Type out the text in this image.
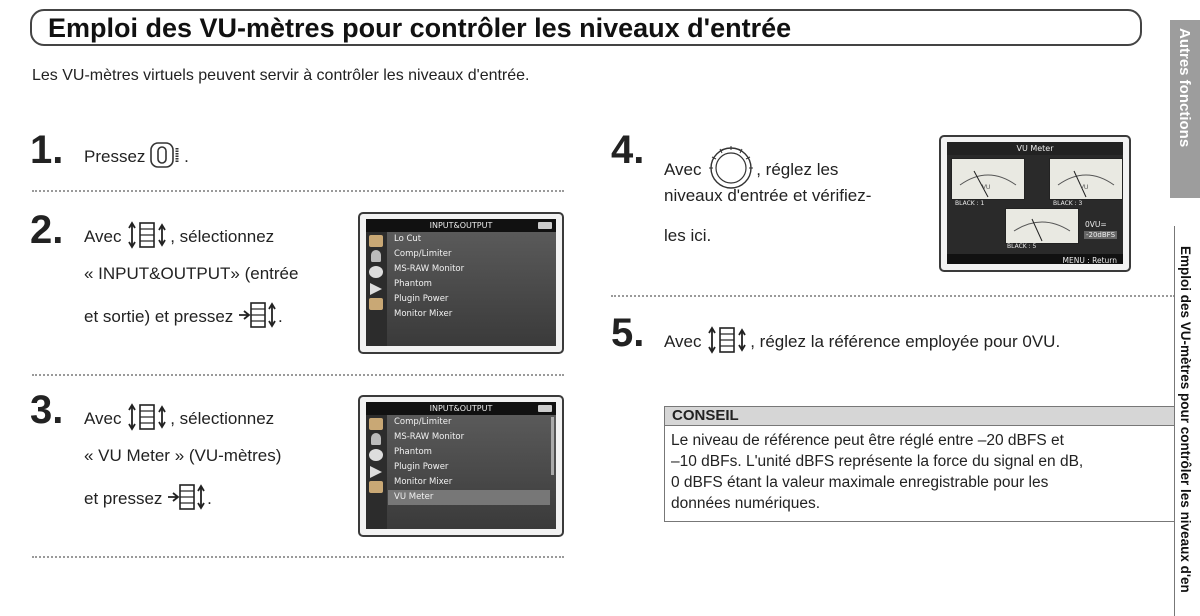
Emploi des VU-mètres pour contrôler les niveaux d'entrée
Les VU-mètres virtuels peuvent servir à contrôler les niveaux d'entrée.
1. Pressez .
2. Avec	, sélectionnez
« INPUT&OUTPUT» (entrée
et sortie) et pressez	.
INPUT&OUTPUT
Lo Cut
Comp/Limiter
MS-RAW Monitor
Phantom
Plugin Power
Monitor Mixer
3. Avec	, sélectionnez
« VU Meter » (VU-mètres)
et pressez	.
INPUT&OUTPUT
Comp/Limiter
MS-RAW Monitor
Phantom
Plugin Power
Monitor Mixer
VU Meter
4. Avec	, réglez les
niveaux d'entrée et vérifiez-
les ici.
VU Meter
VU	VU
BLACK : 1	BLACK : 3
BLACK : 5
0VU=
-20dBFS
MENU : Return
5. Avec	, réglez la référence employée pour 0VU.
CONSEIL
Le niveau de référence peut être réglé entre –20 dBFS et
–10 dBFs. L'unité dBFS représente la force du signal en dB,
0 dBFS étant la valeur maximale enregistrable pour les
données numériques.
Autres fonctions
Emploi des VU-mètres pour contrôler les niveaux d'en
